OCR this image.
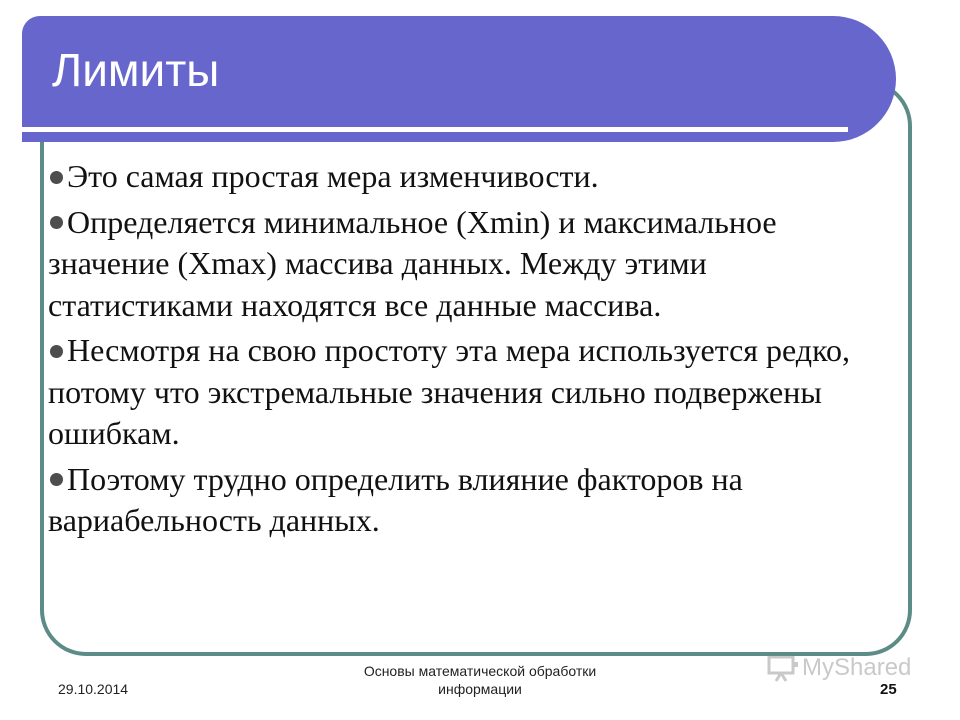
Лимиты
Это самая простая мера изменчивости.
Определяется минимальное (Xmin) и максимальное значение (Xmax) массива данных. Между этими статистиками находятся все данные массива.
Несмотря на свою простоту эта мера используется редко, потому что экстремальные значения сильно подвержены ошибкам.
Поэтому трудно определить влияние факторов на вариабельность данных.
29.10.2014
Основы математической обработки
информации
MyShared
25
